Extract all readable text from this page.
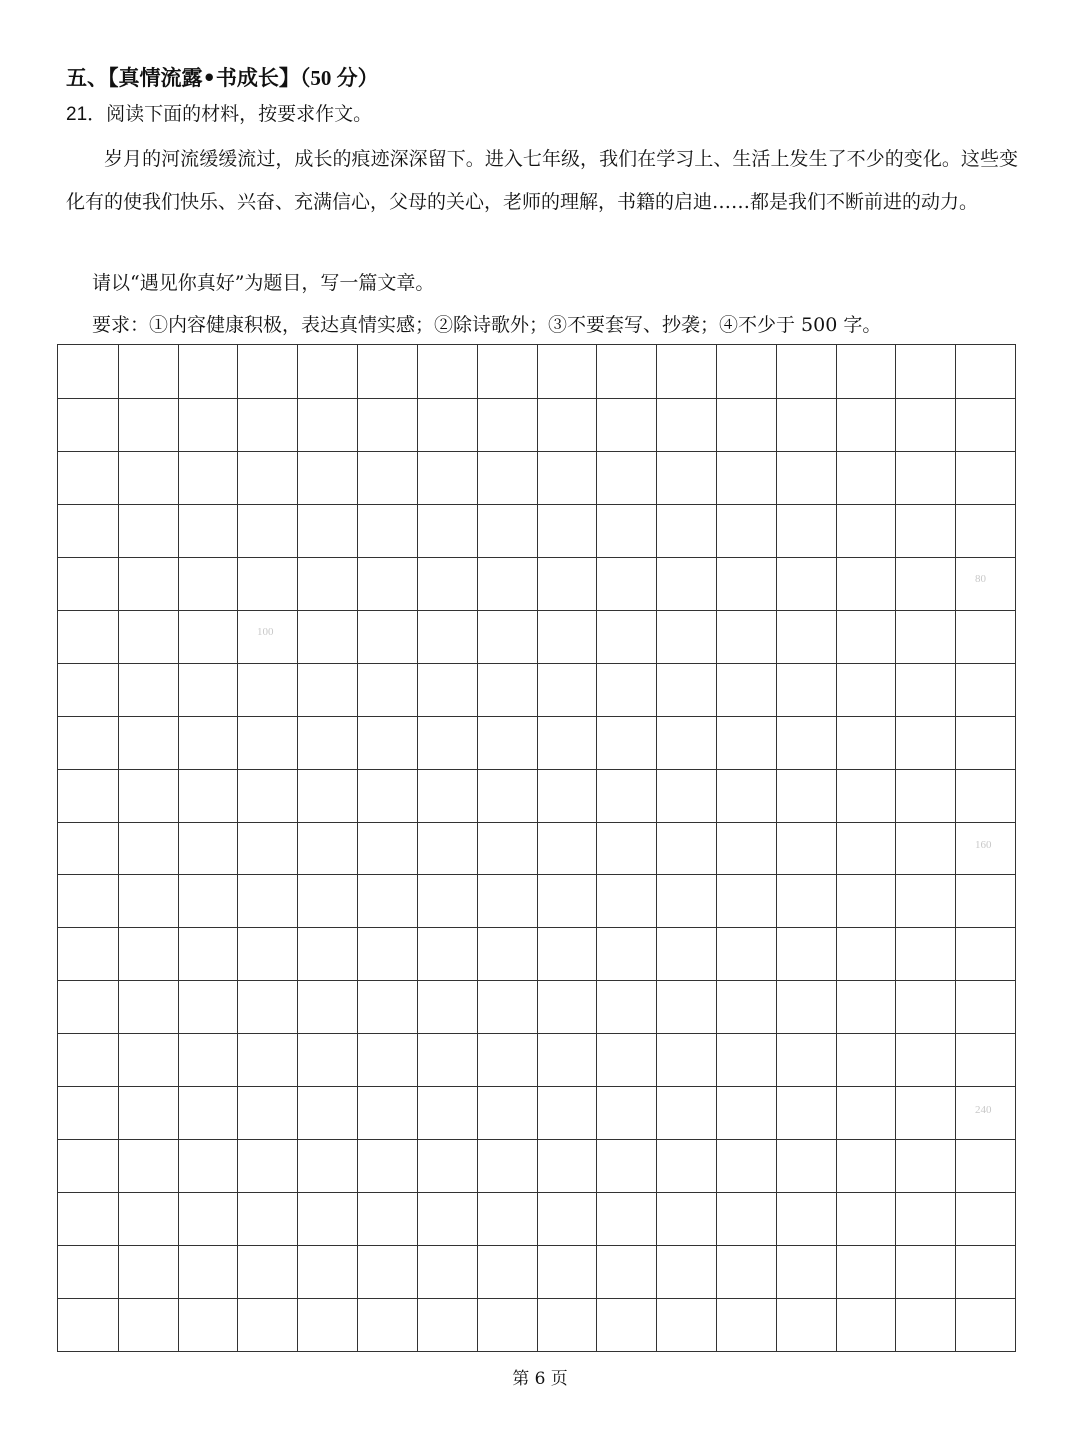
五、【真情流露•书成长】（50 分）
21．阅读下面的材料，按要求作文。
岁月的河流缓缓流过，成长的痕迹深深留下。进入七年级，我们在学习上、生活上发生了不少的变化。这些变化有的使我们快乐、兴奋、充满信心，父母的关心，老师的理解，书籍的启迪……都是我们不断前进的动力。
请以“遇见你真好”为题目，写一篇文章。
要求：①内容健康积极，表达真情实感；②除诗歌外；③不要套写、抄袭；④不少于 500 字。
80
100
160
240
第 6 页
